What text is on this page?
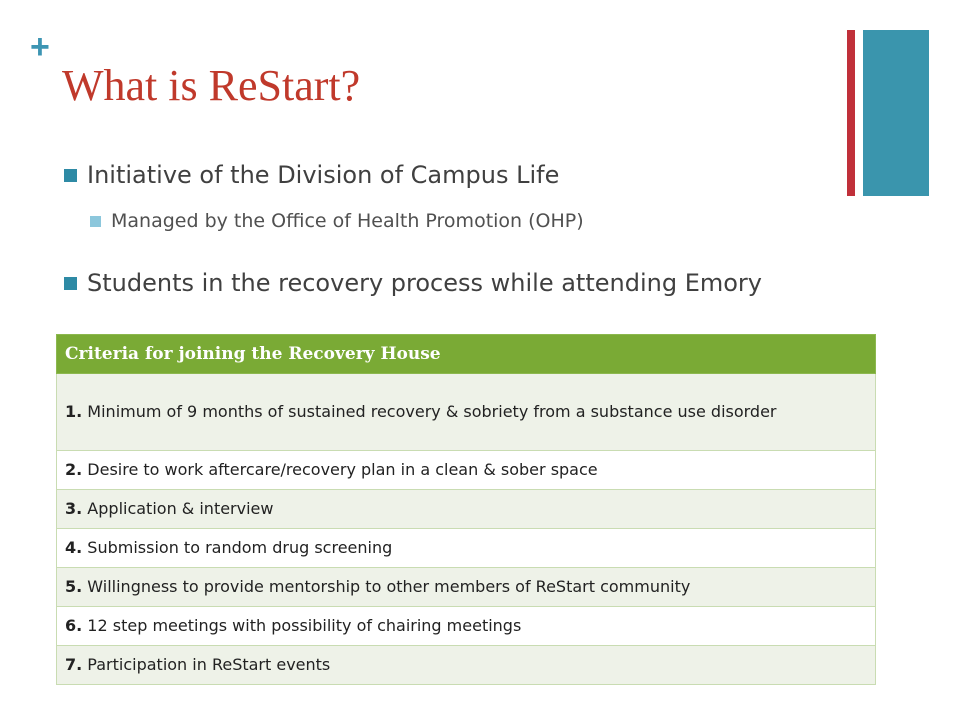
+
What is ReStart?
Initiative of the Division of Campus Life
Managed by the Office of Health Promotion (OHP)
Students in the recovery process while attending Emory
Criteria for joining the Recovery House
1. Minimum of 9 months of sustained recovery & sobriety from a substance use disorder
2. Desire to work aftercare/recovery plan in a clean & sober space
3. Application & interview
4. Submission to random drug screening
5. Willingness to provide mentorship to other members of ReStart community
6. 12 step meetings with possibility of chairing meetings
7. Participation in ReStart events
